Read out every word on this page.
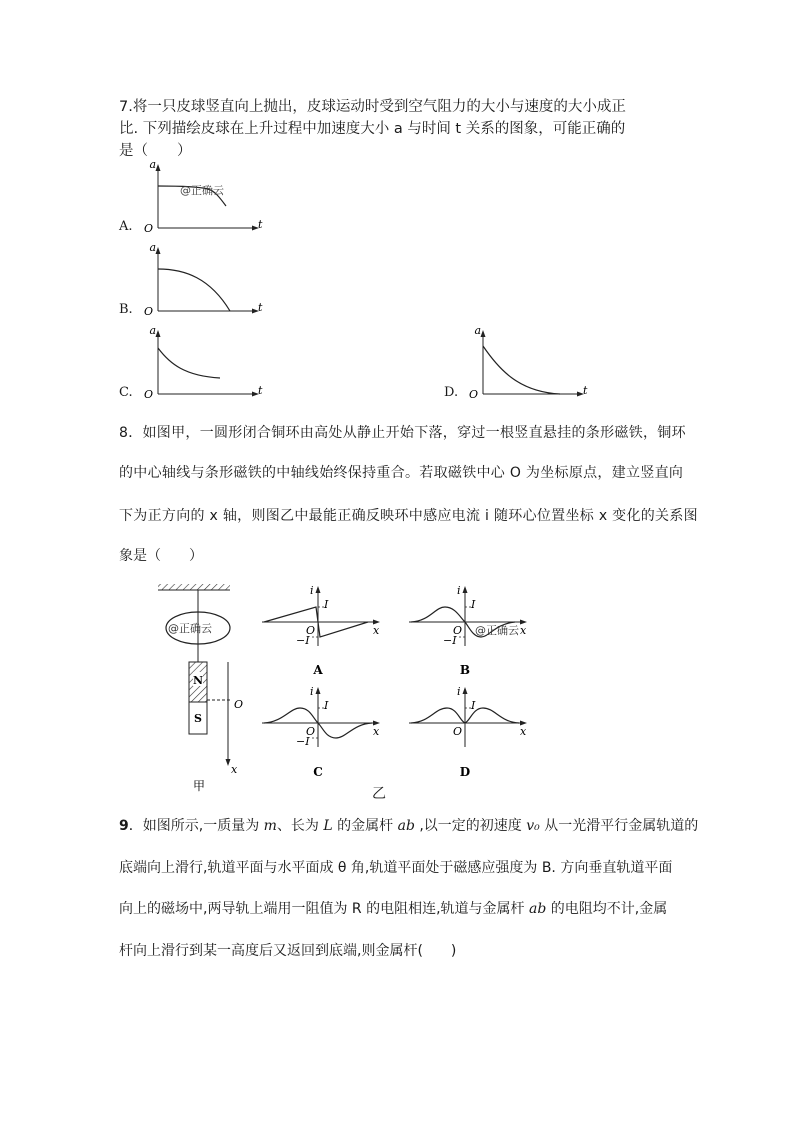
7.将一只皮球竖直向上抛出，皮球运动时受到空气阻力的大小与速度的大小成正
比. 下列描绘皮球在上升过程中加速度大小 a 与时间 t 关系的图象，可能正确的
是（　　）
A.
a
t
O
@正确云
B.
a
t
O
C.
a
t
O	D.
a
t
O
8．如图甲，一圆形闭合铜环由高处从静止开始下落，穿过一根竖直悬挂的条形磁铁，铜环
的中心轴线与条形磁铁的中轴线始终保持重合。若取磁铁中心 O 为坐标原点，建立竖直向
下为正方向的 x 轴，则图乙中最能正确反映环中感应电流 i 随环心位置坐标 x 变化的关系图
象是（　　）
@正确云
N
S
O
x
甲
i
I
O
−I
x
A
i
I
O
−I
x
@正确云
B
i
I
O
−I
x
C
i
I
O	x
D
乙
9．如图所示,一质量为 m、长为 L 的金属杆 ab ,以一定的初速度 v₀ 从一光滑平行金属轨道的
底端向上滑行,轨道平面与水平面成 θ 角,轨道平面处于磁感应强度为 B. 方向垂直轨道平面
向上的磁场中,两导轨上端用一阻值为 R 的电阻相连,轨道与金属杆 ab 的电阻均不计,金属
杆向上滑行到某一高度后又返回到底端,则金属杆(　　)
